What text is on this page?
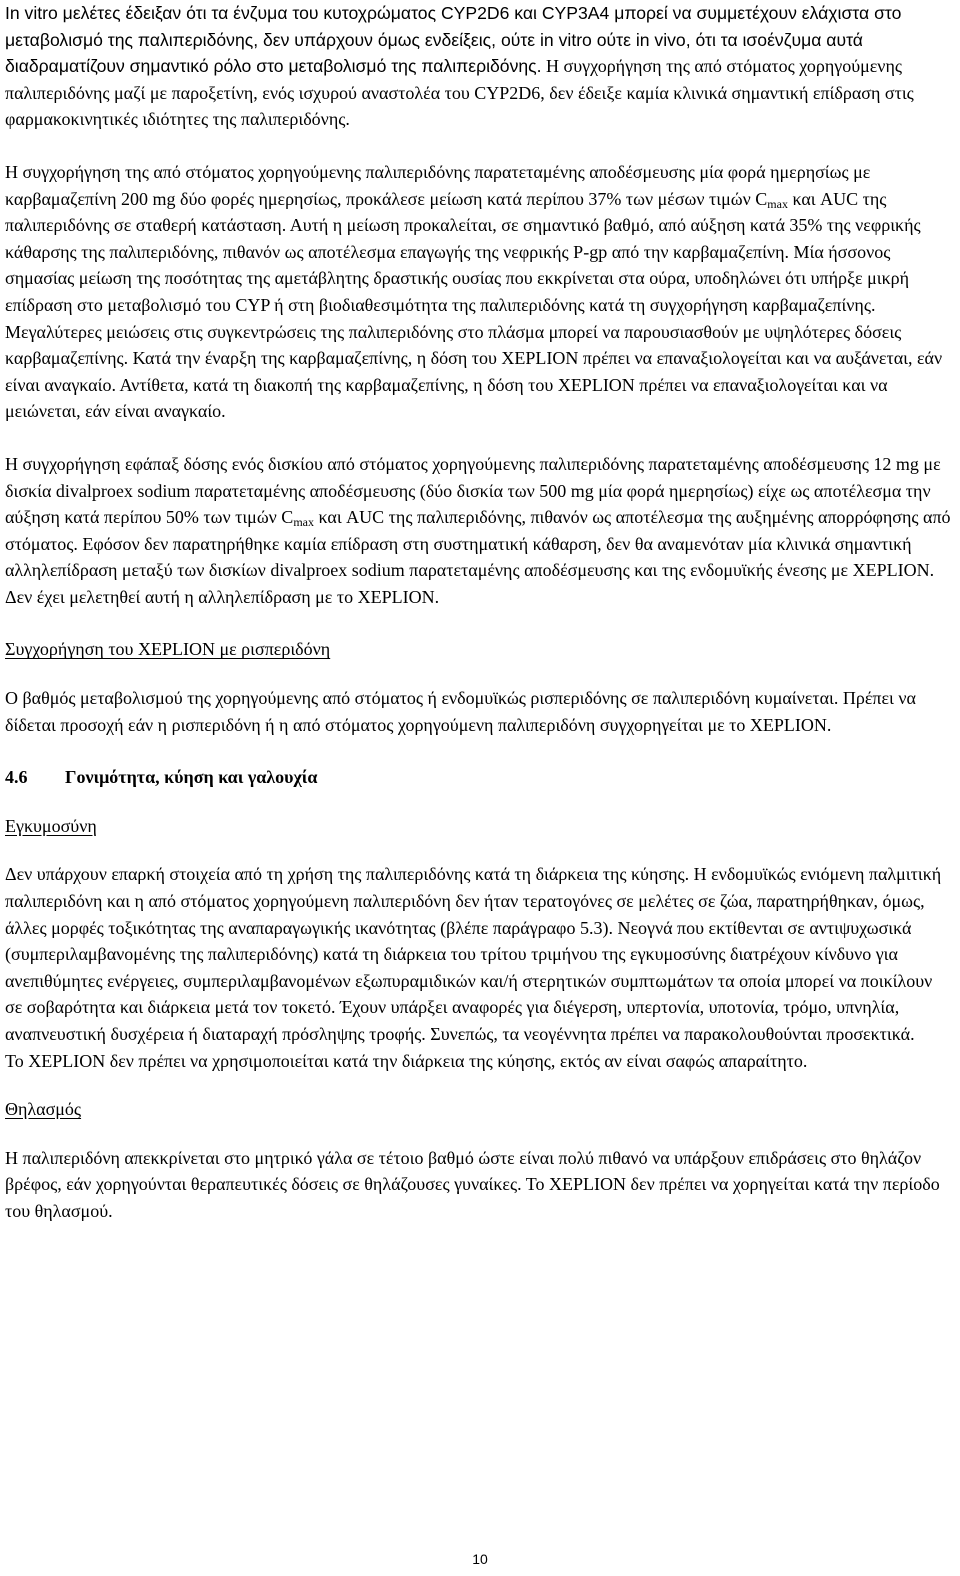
In vitro μελέτες έδειξαν ότι τα ένζυμα του κυτοχρώματος CYP2D6 και CYP3A4 μπορεί να συμμετέχουν ελάχιστα στο μεταβολισμό της παλιπεριδόνης, δεν υπάρχουν όμως ενδείξεις, ούτε in vitro ούτε in vivo, ότι τα ισοένζυμα αυτά διαδραματίζουν σημαντικό ρόλο στο μεταβολισμό της παλιπεριδόνης. Η συγχορήγηση της από στόματος χορηγούμενης παλιπεριδόνης μαζί με παροξετίνη, ενός ισχυρού αναστολέα του CYP2D6, δεν έδειξε καμία κλινικά σημαντική επίδραση στις φαρμακοκινητικές ιδιότητες της παλιπεριδόνης.

Η συγχορήγηση της από στόματος χορηγούμενης παλιπεριδόνης παρατεταμένης αποδέσμευσης μία φορά ημερησίως με καρβαμαζεπίνη 200 mg δύο φορές ημερησίως, προκάλεσε μείωση κατά περίπου 37% των μέσων τιμών $C_{max}$ και AUC της παλιπεριδόνης σε σταθερή κατάσταση. Αυτή η μείωση προκαλείται, σε σημαντικό βαθμό, από αύξηση κατά 35% της νεφρικής κάθαρσης της παλιπεριδόνης, πιθανόν ως αποτέλεσμα επαγωγής της νεφρικής P-gp από την καρβαμαζεπίνη. Μία ήσσονος σημασίας μείωση της ποσότητας της αμετάβλητης δραστικής ουσίας που εκκρίνεται στα ούρα, υποδηλώνει ότι υπήρξε μικρή επίδραση στο μεταβολισμό του CYP ή στη βιοδιαθεσιμότητα της παλιπεριδόνης κατά τη συγχορήγηση καρβαμαζεπίνης. Μεγαλύτερες μειώσεις στις συγκεντρώσεις της παλιπεριδόνης στο πλάσμα μπορεί να παρουσιασθούν με υψηλότερες δόσεις καρβαμαζεπίνης. Κατά την έναρξη της καρβαμαζεπίνης, η δόση του XEPLION πρέπει να επαναξιολογείται και να αυξάνεται, εάν είναι αναγκαίο. Αντίθετα, κατά τη διακοπή της καρβαμαζεπίνης, η δόση του XEPLION πρέπει να επαναξιολογείται και να μειώνεται, εάν είναι αναγκαίο.

Η συγχορήγηση εφάπαξ δόσης ενός δισκίου από στόματος χορηγούμενης παλιπεριδόνης παρατεταμένης αποδέσμευσης 12 mg με δισκία divalproex sodium παρατεταμένης αποδέσμευσης (δύο δισκία των 500 mg μία φορά ημερησίως) είχε ως αποτέλεσμα την αύξηση κατά περίπου 50% των τιμών $C_{max}$ και AUC της παλιπεριδόνης, πιθανόν ως αποτέλεσμα της αυξημένης απορρόφησης από στόματος. Εφόσον δεν παρατηρήθηκε καμία επίδραση στη συστηματική κάθαρση, δεν θα αναμενόταν μία κλινικά σημαντική αλληλεπίδραση μεταξύ των δισκίων divalproex sodium παρατεταμένης αποδέσμευσης και της ενδομυϊκής ένεσης με XEPLION. Δεν έχει μελετηθεί αυτή η αλληλεπίδραση με το XEPLION.

Συγχορήγηση του XEPLION με ρισπεριδόνη

Ο βαθμός μεταβολισμού της χορηγούμενης από στόματος ή ενδομυϊκώς ρισπεριδόνης σε παλιπεριδόνη κυμαίνεται. Πρέπει να δίδεται προσοχή εάν η ρισπεριδόνη ή η από στόματος χορηγούμενη παλιπεριδόνη συγχορηγείται με το XEPLION.

4.6 Γονιμότητα, κύηση και γαλουχία

Εγκυμοσύνη

Δεν υπάρχουν επαρκή στοιχεία από τη χρήση της παλιπεριδόνης κατά τη διάρκεια της κύησης. Η ενδομυϊκώς ενιόμενη παλμιτική παλιπεριδόνη και η από στόματος χορηγούμενη παλιπεριδόνη δεν ήταν τερατογόνες σε μελέτες σε ζώα, παρατηρήθηκαν, όμως, άλλες μορφές τοξικότητας της αναπαραγωγικής ικανότητας (βλέπε παράγραφο 5.3). Νεογνά που εκτίθενται σε αντιψυχωσικά (συμπεριλαμβανομένης της παλιπεριδόνης) κατά τη διάρκεια του τρίτου τριμήνου της εγκυμοσύνης διατρέχουν κίνδυνο για ανεπιθύμητες ενέργειες, συμπεριλαμβανομένων εξωπυραμιδικών και/ή στερητικών συμπτωμάτων τα οποία μπορεί να ποικίλουν σε σοβαρότητα και διάρκεια μετά τον τοκετό. Έχουν υπάρξει αναφορές για διέγερση, υπερτονία, υποτονία, τρόμο, υπνηλία, αναπνευστική δυσχέρεια ή διαταραχή πρόσληψης τροφής. Συνεπώς, τα νεογέννητα πρέπει να παρακολουθούνται προσεκτικά.

Το XEPLION δεν πρέπει να χρησιμοποιείται κατά την διάρκεια της κύησης, εκτός αν είναι σαφώς απαραίτητο.

Θηλασμός

Η παλιπεριδόνη απεκκρίνεται στο μητρικό γάλα σε τέτοιο βαθμό ώστε είναι πολύ πιθανό να υπάρξουν επιδράσεις στο θηλάζον βρέφος, εάν χορηγούνται θεραπευτικές δόσεις σε θηλάζουσες γυναίκες. Το XEPLION δεν πρέπει να χορηγείται κατά την περίοδο του θηλασμού.

10
